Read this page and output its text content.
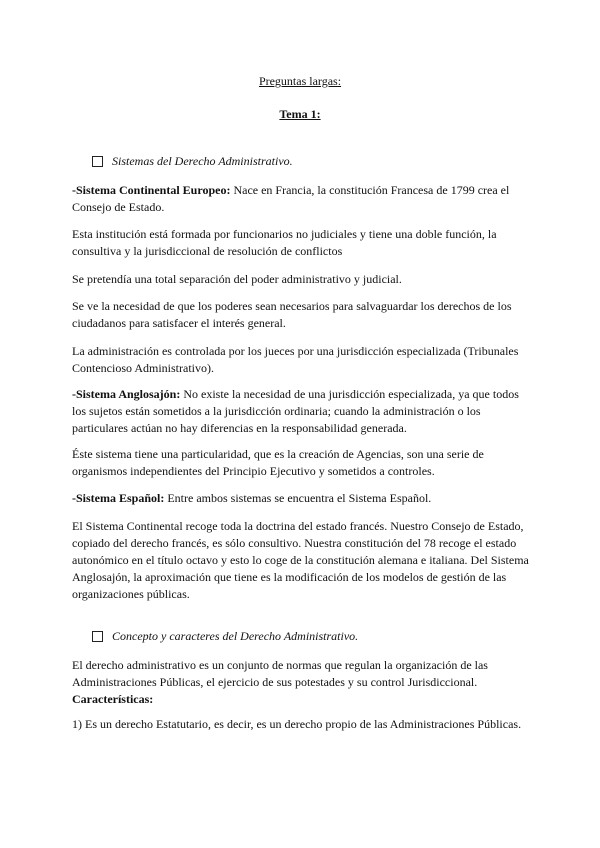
Preguntas largas:

Tema 1:

Sistemas del Derecho Administrativo.

-Sistema Continental Europeo: Nace en Francia, la constitución Francesa de 1799 crea el Consejo de Estado.

Esta institución está formada por funcionarios no judiciales y tiene una doble función, la consultiva y la jurisdiccional de resolución de conflictos

Se pretendía una total separación del poder administrativo y judicial.

Se ve la necesidad de que los poderes sean necesarios para salvaguardar los derechos de los ciudadanos para satisfacer el interés general.

La administración es controlada por los jueces por una jurisdicción especializada (Tribunales Contencioso Administrativo).

-Sistema Anglosajón: No existe la necesidad de una jurisdicción especializada, ya que todos los sujetos están sometidos a la jurisdicción ordinaria; cuando la administración o los particulares actúan no hay diferencias en la responsabilidad generada.

Éste sistema tiene una particularidad, que es la creación de Agencias, son una serie de organismos independientes del Principio Ejecutivo y sometidos a controles.

-Sistema Español: Entre ambos sistemas se encuentra el Sistema Español.

El Sistema Continental recoge toda la doctrina del estado francés. Nuestro Consejo de Estado, copiado del derecho francés, es sólo consultivo. Nuestra constitución del 78 recoge el estado autonómico en el título octavo y esto lo coge de la constitución alemana e italiana. Del Sistema Anglosajón, la aproximación que tiene es la modificación de los modelos de gestión de las organizaciones públicas.

Concepto y caracteres del Derecho Administrativo.

El derecho administrativo es un conjunto de normas que regulan la organización de las Administraciones Públicas, el ejercicio de sus potestades y su control Jurisdiccional.
Características:

1) Es un derecho Estatutario, es decir, es un derecho propio de las Administraciones Públicas.
